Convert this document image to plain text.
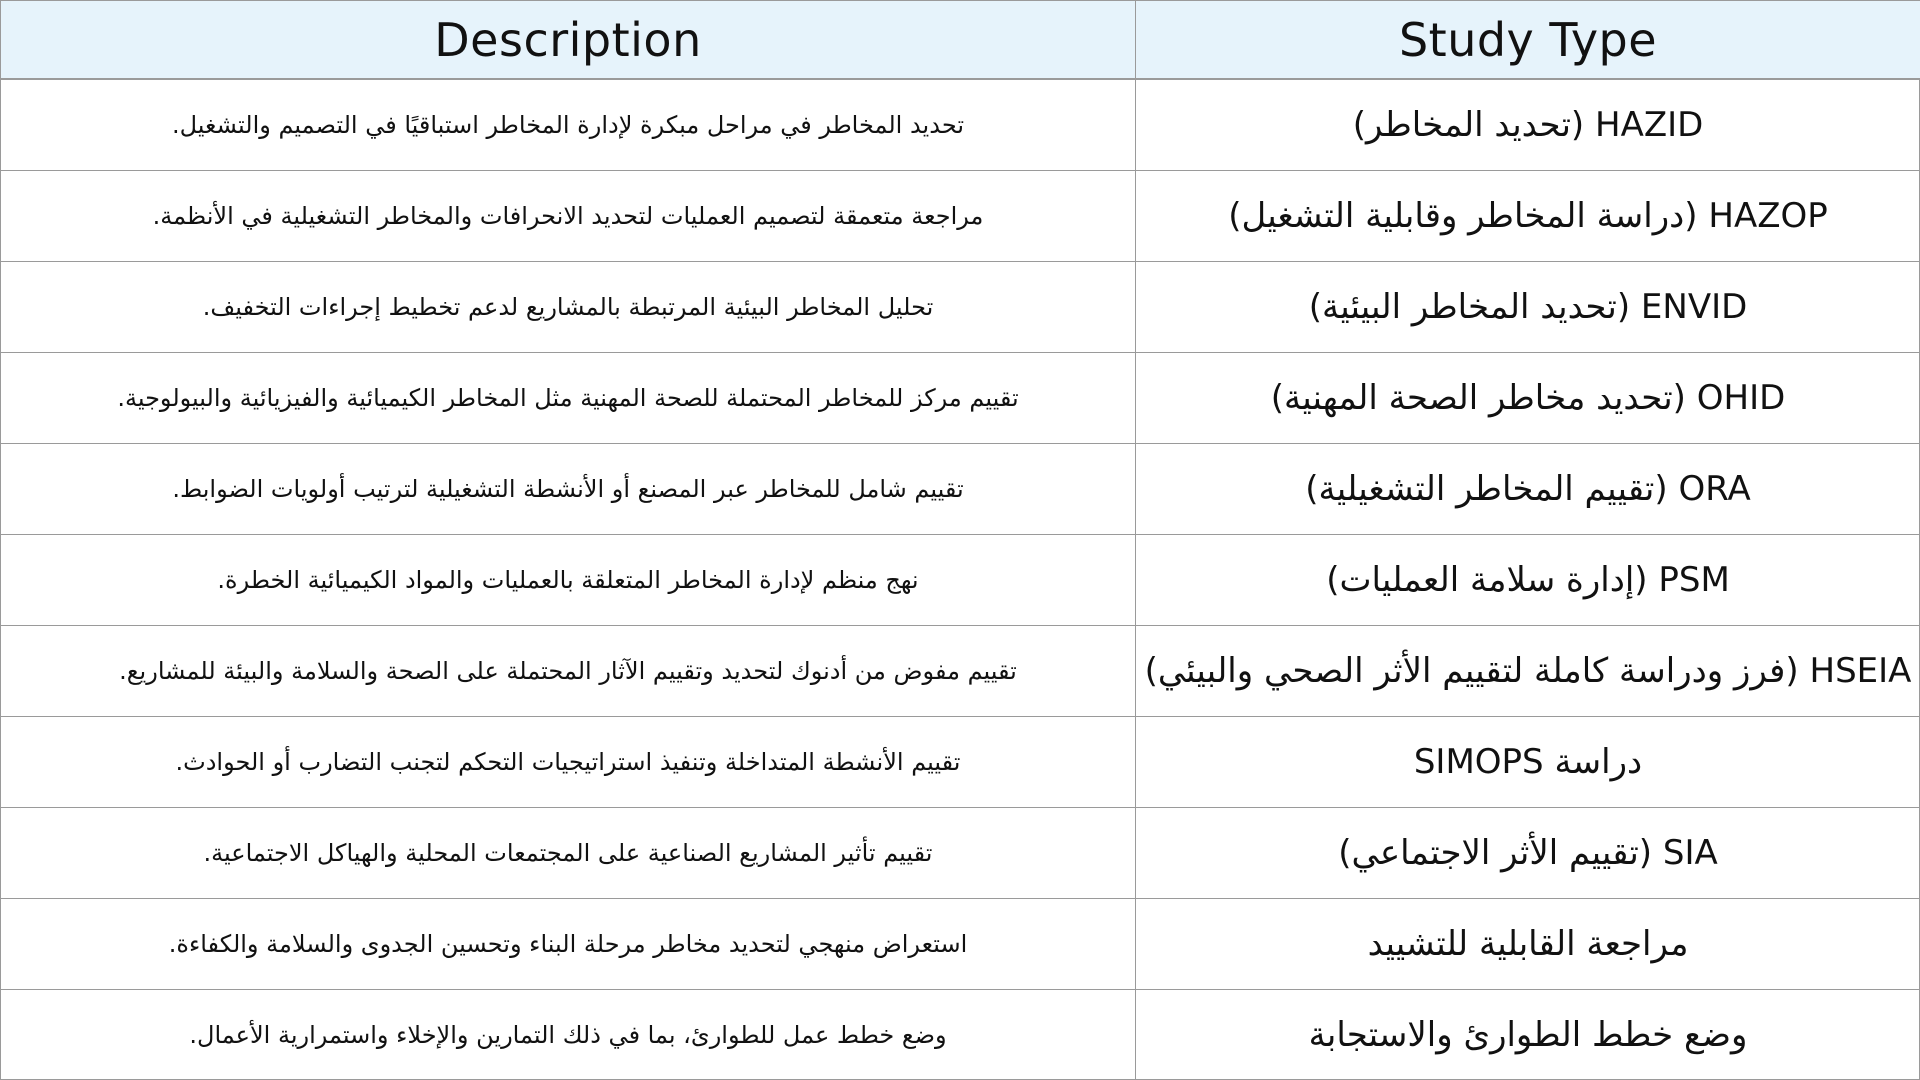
Description	Study Type
تحديد المخاطر في مراحل مبكرة لإدارة المخاطر استباقيًا في التصميم والتشغيل.	HAZID (تحديد المخاطر)
مراجعة متعمقة لتصميم العمليات لتحديد الانحرافات والمخاطر التشغيلية في الأنظمة.	HAZOP (دراسة المخاطر وقابلية التشغيل)
تحليل المخاطر البيئية المرتبطة بالمشاريع لدعم تخطيط إجراءات التخفيف.	ENVID (تحديد المخاطر البيئية)
تقييم مركز للمخاطر المحتملة للصحة المهنية مثل المخاطر الكيميائية والفيزيائية والبيولوجية.	OHID (تحديد مخاطر الصحة المهنية)
تقييم شامل للمخاطر عبر المصنع أو الأنشطة التشغيلية لترتيب أولويات الضوابط.	ORA (تقييم المخاطر التشغيلية)
نهج منظم لإدارة المخاطر المتعلقة بالعمليات والمواد الكيميائية الخطرة.	PSM (إدارة سلامة العمليات)
تقييم مفوض من أدنوك لتحديد وتقييم الآثار المحتملة على الصحة والسلامة والبيئة للمشاريع.	HSEIA (فرز ودراسة كاملة لتقييم الأثر الصحي والبيئي)
تقييم الأنشطة المتداخلة وتنفيذ استراتيجيات التحكم لتجنب التضارب أو الحوادث.	دراسة SIMOPS
تقييم تأثير المشاريع الصناعية على المجتمعات المحلية والهياكل الاجتماعية.	SIA (تقييم الأثر الاجتماعي)
استعراض منهجي لتحديد مخاطر مرحلة البناء وتحسين الجدوى والسلامة والكفاءة.	مراجعة القابلية للتشييد
وضع خطط عمل للطوارئ، بما في ذلك التمارين والإخلاء واستمرارية الأعمال.	وضع خطط الطوارئ والاستجابة
